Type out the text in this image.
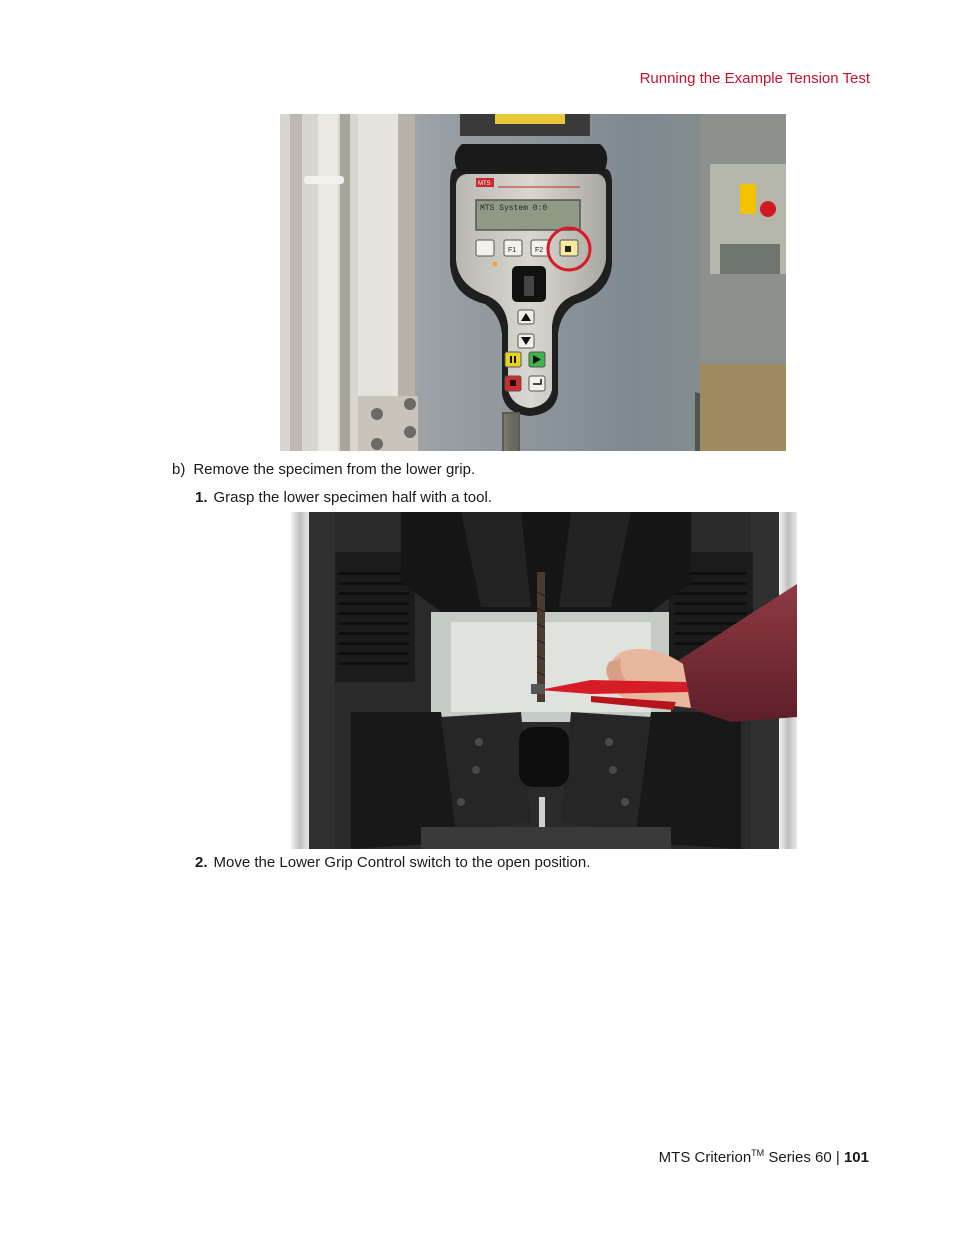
Running the Example Tension Test
MTS
MTS System 0:0
F1	F2
b) Remove the specimen from the lower grip.
1. Grasp the lower specimen half with a tool.
2. Move the Lower Grip Control switch to the open position.
MTS Criterion™ Series 60 | 101
